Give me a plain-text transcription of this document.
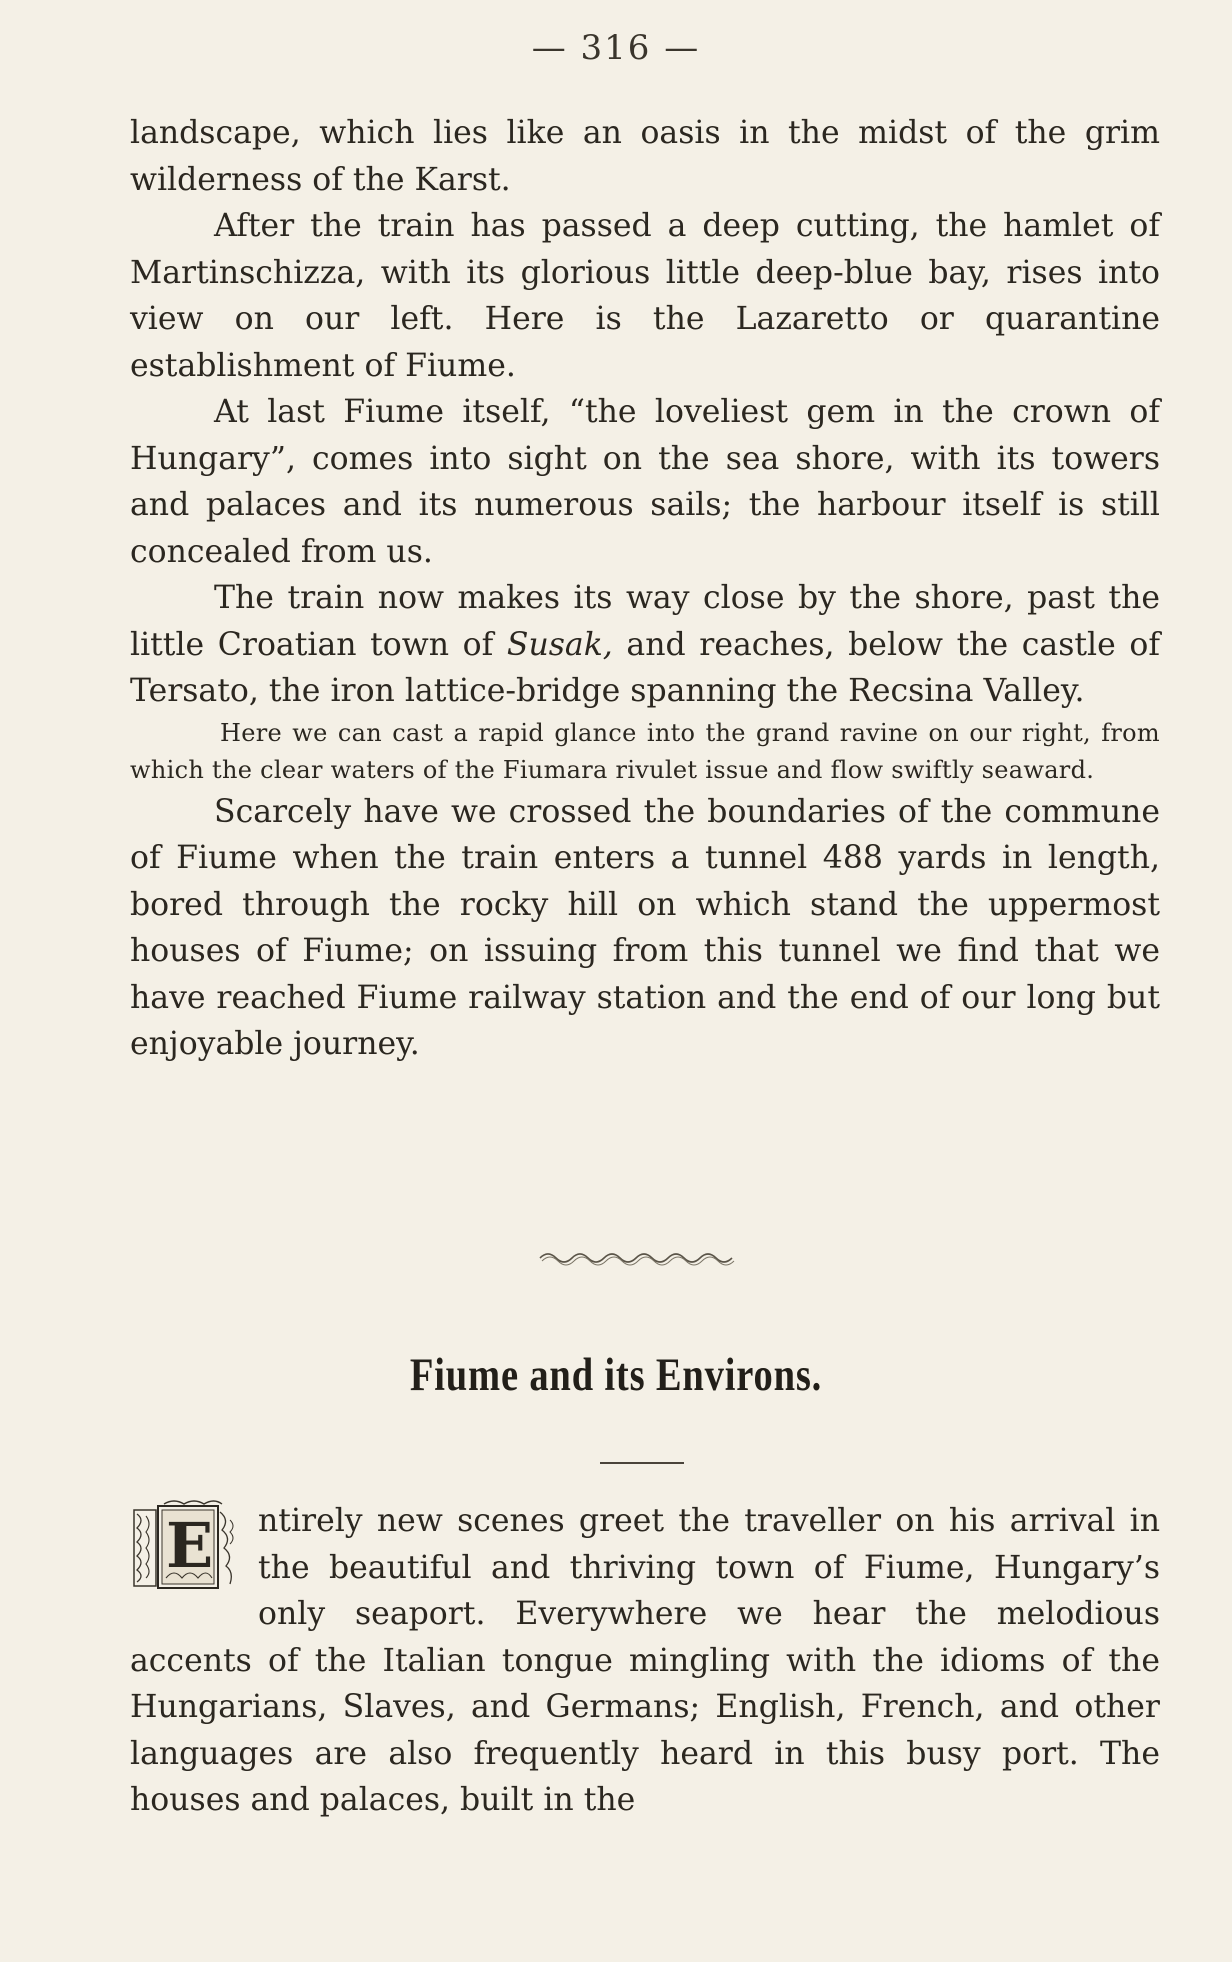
— 316 —

landscape, which lies like an oasis in the midst of the grim wilderness of the Karst.

After the train has passed a deep cutting, the hamlet of Martinschizza, with its glorious little deep-blue bay, rises into view on our left. Here is the Lazaretto or quarantine establishment of Fiume.

At last Fiume itself, “the loveliest gem in the crown of Hungary”, comes into sight on the sea shore, with its towers and palaces and its numerous sails; the harbour itself is still concealed from us.

The train now makes its way close by the shore, past the little Croatian town of Susak, and reaches, below the castle of Tersato, the iron lattice-bridge spanning the Recsina Valley.

Here we can cast a rapid glance into the grand ravine on our right, from which the clear waters of the Fiumara rivulet issue and flow swiftly seaward.

Scarcely have we crossed the boundaries of the commune of Fiume when the train enters a tunnel 488 yards in length, bored through the rocky hill on which stand the uppermost houses of Fiume; on issuing from this tunnel we find that we have reached Fiume railway station and the end of our long but enjoyable journey.

Fiume and its Environs.
E	ntirely new scenes greet the traveller on his arrival in the beautiful and thriving town of Fiume, Hungary’s only seaport. Everywhere we hear the melodious accents of the Italian tongue mingling with the idioms of the Hungarians, Slaves, and Germans; English, French, and other languages are also frequently heard in this busy port. The houses and palaces, built in the
